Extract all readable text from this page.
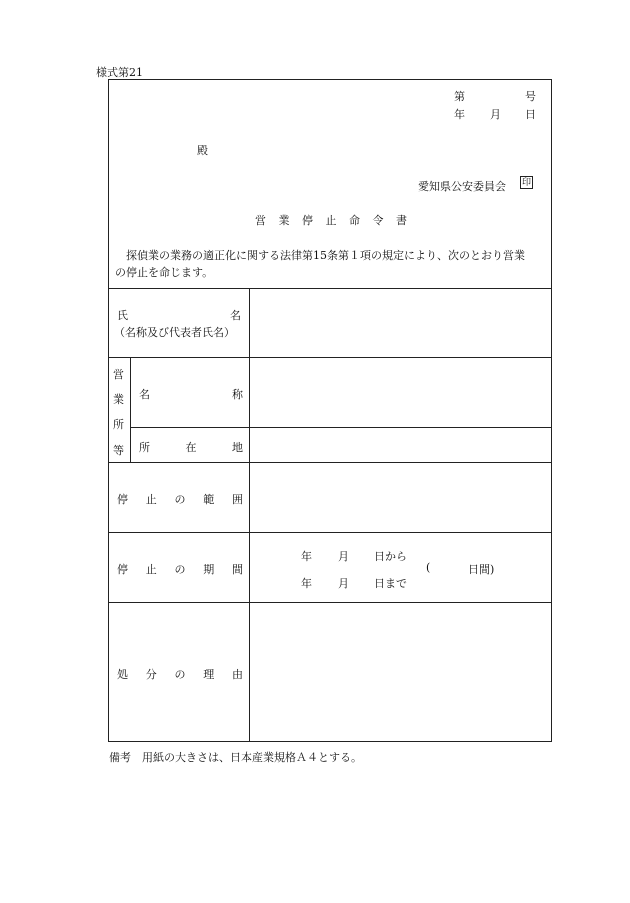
様式第21
第	号
年 月 日
殿
愛知県公安委員会 印
営 業 停 止 命 令 書
探偵業の業務の適正化に関する法律第15条第１項の規定により、次のとおり営業
の停止を命じます。
氏	名
（名称及び代表者氏名）
営
業
所
等
名	称
所	在	地
停 止 の 範 囲
停 止 の 期 間
年 月 日から
年 月 日まで
(	日間)
処 分 の 理 由
備考　用紙の大きさは、日本産業規格Ａ４とする。
